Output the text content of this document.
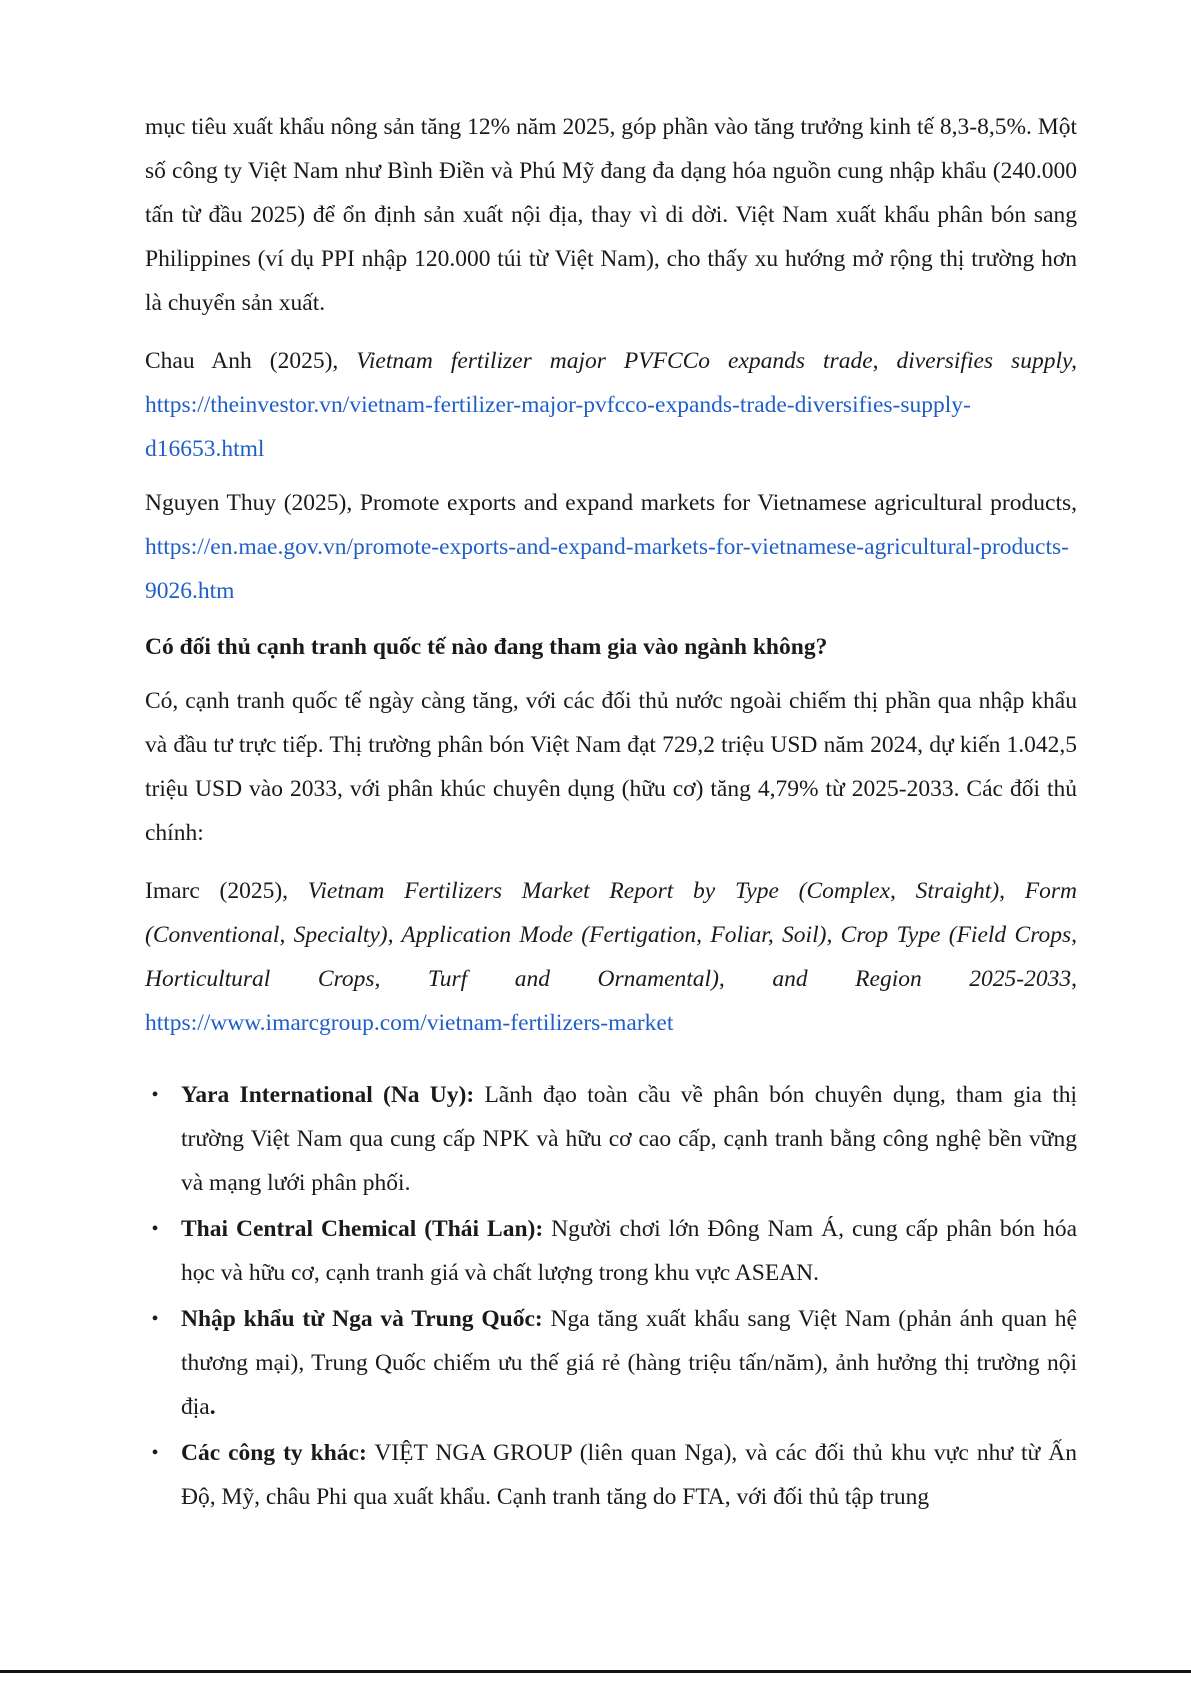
mục tiêu xuất khẩu nông sản tăng 12% năm 2025, góp phần vào tăng trưởng kinh tế 8,3-8,5%. Một số công ty Việt Nam như Bình Điền và Phú Mỹ đang đa dạng hóa nguồn cung nhập khẩu (240.000 tấn từ đầu 2025) để ổn định sản xuất nội địa, thay vì di dời. Việt Nam xuất khẩu phân bón sang Philippines (ví dụ PPI nhập 120.000 túi từ Việt Nam), cho thấy xu hướng mở rộng thị trường hơn là chuyển sản xuất.

Chau Anh (2025), Vietnam fertilizer major PVFCCo expands trade, diversifies supply, https://theinvestor.vn/vietnam-fertilizer-major-pvfcco-expands-trade-diversifies-supply-d16653.html

Nguyen Thuy (2025), Promote exports and expand markets for Vietnamese agricultural products, https://en.mae.gov.vn/promote-exports-and-expand-markets-for-vietnamese-agricultural-products-9026.htm

Có đối thủ cạnh tranh quốc tế nào đang tham gia vào ngành không?

Có, cạnh tranh quốc tế ngày càng tăng, với các đối thủ nước ngoài chiếm thị phần qua nhập khẩu và đầu tư trực tiếp. Thị trường phân bón Việt Nam đạt 729,2 triệu USD năm 2024, dự kiến 1.042,5 triệu USD vào 2033, với phân khúc chuyên dụng (hữu cơ) tăng 4,79% từ 2025-2033. Các đối thủ chính:

Imarc (2025), Vietnam Fertilizers Market Report by Type (Complex, Straight), Form (Conventional, Specialty), Application Mode (Fertigation, Foliar, Soil), Crop Type (Field Crops, Horticultural Crops, Turf and Ornamental), and Region 2025-2033, https://www.imarcgroup.com/vietnam-fertilizers-market

• Yara International (Na Uy): Lãnh đạo toàn cầu về phân bón chuyên dụng, tham gia thị trường Việt Nam qua cung cấp NPK và hữu cơ cao cấp, cạnh tranh bằng công nghệ bền vững và mạng lưới phân phối.
• Thai Central Chemical (Thái Lan): Người chơi lớn Đông Nam Á, cung cấp phân bón hóa học và hữu cơ, cạnh tranh giá và chất lượng trong khu vực ASEAN.
• Nhập khẩu từ Nga và Trung Quốc: Nga tăng xuất khẩu sang Việt Nam (phản ánh quan hệ thương mại), Trung Quốc chiếm ưu thế giá rẻ (hàng triệu tấn/năm), ảnh hưởng thị trường nội địa.
• Các công ty khác: VIỆT NGA GROUP (liên quan Nga), và các đối thủ khu vực như từ Ấn Độ, Mỹ, châu Phi qua xuất khẩu. Cạnh tranh tăng do FTA, với đối thủ tập trung
